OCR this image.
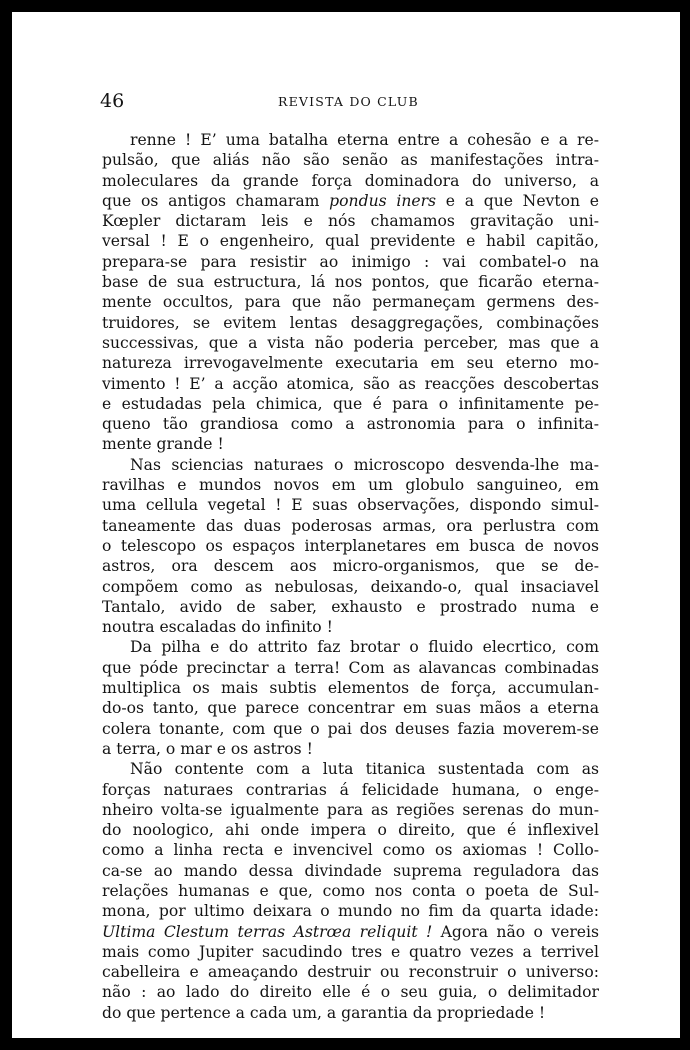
46	REVISTA DO CLUB
renne ! E’ uma batalha eterna entre a cohesão e a re-
pulsão, que aliás não são senão as manifestações intra-
moleculares da grande força dominadora do universo, a
que os antigos chamaram pondus iners e a que Nevton e
Kœpler dictaram leis e nós chamamos gravitação uni-
versal ! E o engenheiro, qual previdente e habil capitão,
prepara-se para resistir ao inimigo : vai combatel-o na
base de sua estructura, lá nos pontos, que ficarão eterna-
mente occultos, para que não permaneçam germens des-
truidores, se evitem lentas desaggregações, combinações
successivas, que a vista não poderia perceber, mas que a
natureza irrevogavelmente executaria em seu eterno mo-
vimento ! E’ a acção atomica, são as reacções descobertas
e estudadas pela chimica, que é para o infinitamente pe-
queno tão grandiosa como a astronomia para o infinita-
mente grande !
Nas sciencias naturaes o microscopo desvenda-lhe ma-
ravilhas e mundos novos em um globulo sanguineo, em
uma cellula vegetal ! E suas observações, dispondo simul-
taneamente das duas poderosas armas, ora perlustra com
o telescopo os espaços interplanetares em busca de novos
astros, ora descem aos micro-organismos, que se de-
compõem como as nebulosas, deixando-o, qual insaciavel
Tantalo, avido de saber, exhausto e prostrado numa e
noutra escaladas do infinito !
Da pilha e do attrito faz brotar o fluido elecrtico, com
que póde precinctar a terra! Com as alavancas combinadas
multiplica os mais subtis elementos de força, accumulan-
do-os tanto, que parece concentrar em suas mãos a eterna
colera tonante, com que o pai dos deuses fazia moverem-se
a terra, o mar e os astros !
Não contente com a luta titanica sustentada com as
forças naturaes contrarias á felicidade humana, o enge-
nheiro volta-se igualmente para as regiões serenas do mun-
do noologico, ahi onde impera o direito, que é inflexivel
como a linha recta e invencivel como os axiomas ! Collo-
ca-se ao mando dessa divindade suprema reguladora das
relações humanas e que, como nos conta o poeta de Sul-
mona, por ultimo deixara o mundo no fim da quarta idade:
Ultima Clestum terras Astrœa reliquit ! Agora não o vereis
mais como Jupiter sacudindo tres e quatro vezes a terrivel
cabelleira e ameaçando destruir ou reconstruir o universo:
não : ao lado do direito elle é o seu guia, o delimitador
do que pertence a cada um, a garantia da propriedade !
